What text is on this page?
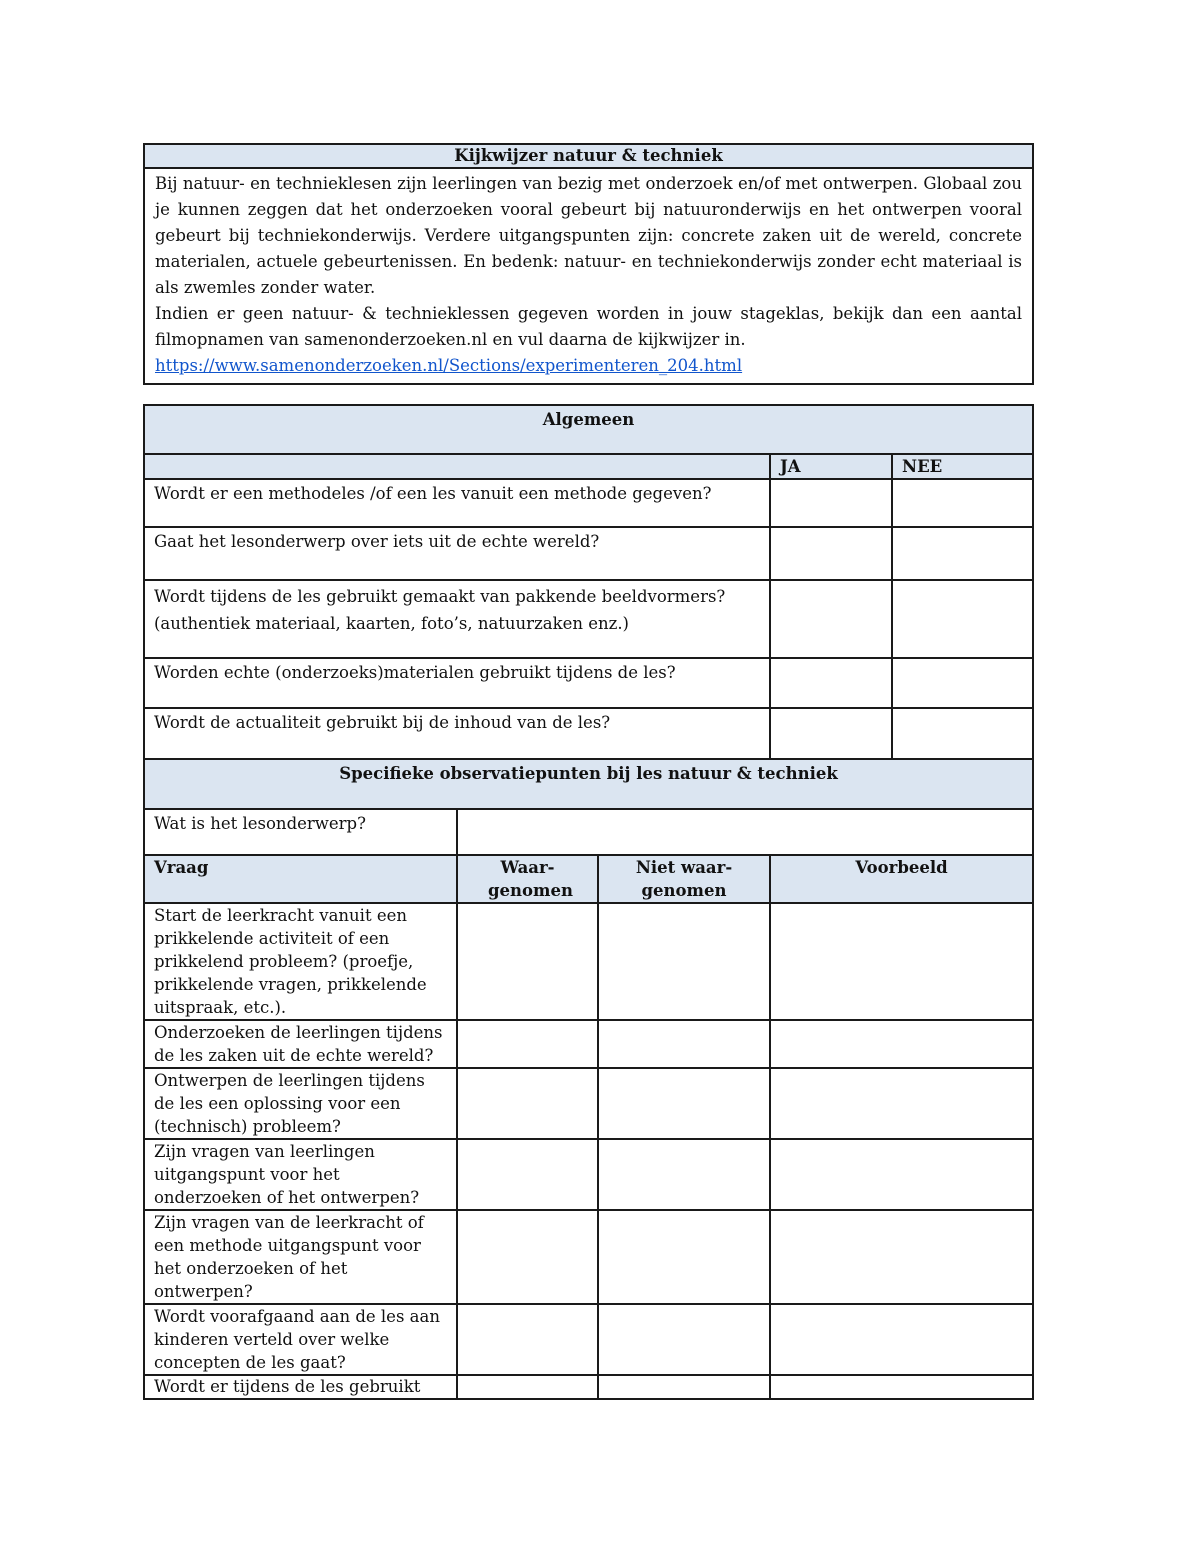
Kijkwijzer natuur & techniek

Bij natuur- en technieklesen zijn leerlingen van bezig met onderzoek en/of met ontwerpen. Globaal zou je kunnen zeggen dat het onderzoeken vooral gebeurt bij natuuronderwijs en het ontwerpen vooral gebeurt bij techniekonderwijs. Verdere uitgangspunten zijn: concrete zaken uit de wereld, concrete materialen, actuele gebeurtenissen. En bedenk: natuur- en techniekonderwijs zonder echt materiaal is als zwemles zonder water.

Indien er geen natuur- & technieklessen gegeven worden in jouw stageklas, bekijk dan een aantal filmopnamen van samenonderzoeken.nl en vul daarna de kijkwijzer in.

https://www.samenonderzoeken.nl/Sections/experimenteren_204.html

Algemeen				
			JA	NEE
Wordt er een methodeles /of een les vanuit een methode gegeven?				
Gaat het lesonderwerp over iets uit de echte wereld?				
Wordt tijdens de les gebruikt gemaakt van pakkende beeldvormers?
(authentiek materiaal, kaarten, foto’s, natuurzaken enz.)				
Worden echte (onderzoeks)materialen gebruikt tijdens de les?				
Wordt de actualiteit gebruikt bij de inhoud van de les?				
Specifieke observatiepunten bij les natuur & techniek				
Wat is het lesonderwerp?				
Vraag	Waar-genomen	Niet waar-genomen	Voorbeeld	
Start de leerkracht vanuit een prikkelende activiteit of een prikkelend probleem? (proefje, prikkelende vragen, prikkelende uitspraak, etc.).				
Onderzoeken de leerlingen tijdens de les zaken uit de echte wereld?				
Ontwerpen de leerlingen tijdens de les een oplossing voor een (technisch) probleem?				
Zijn vragen van leerlingen uitgangspunt voor het onderzoeken of het ontwerpen?				
Zijn vragen van de leerkracht of een methode uitgangspunt voor het onderzoeken of het ontwerpen?				
Wordt voorafgaand aan de les aan kinderen verteld over welke concepten de les gaat?				
Wordt er tijdens de les gebruikt				
